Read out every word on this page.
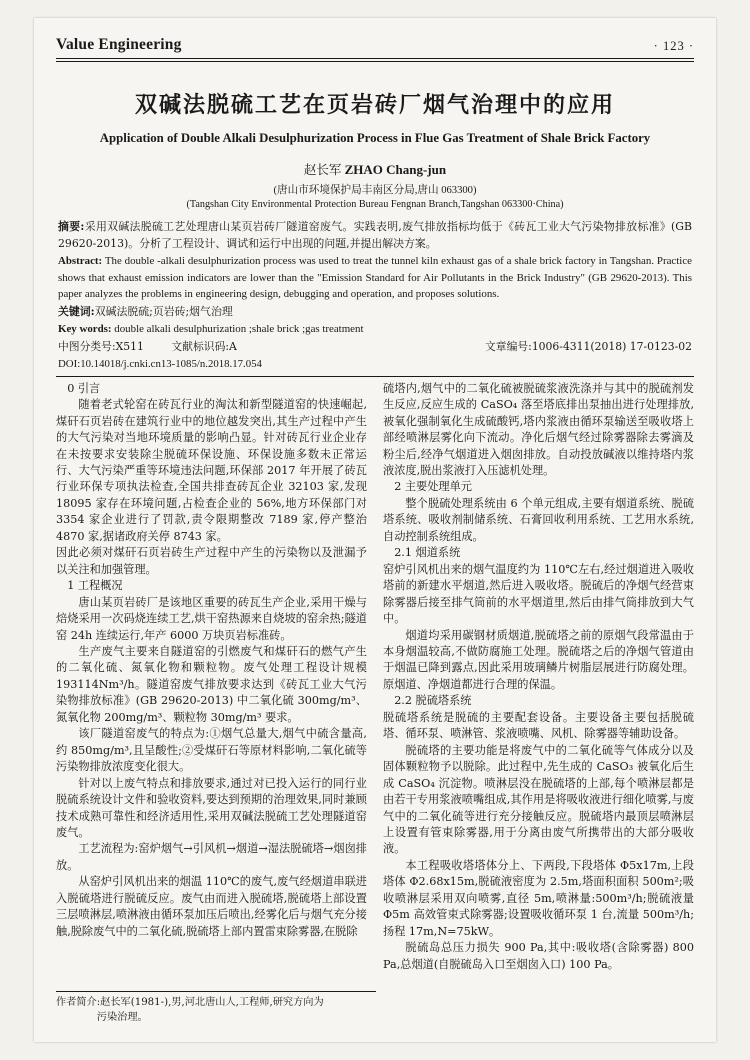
Value Engineering	· 123 ·
双碱法脱硫工艺在页岩砖厂烟气治理中的应用
Application of Double Alkali Desulphurization Process in Flue Gas Treatment of Shale Brick Factory
赵长军 ZHAO Chang-jun
(唐山市环境保护局丰南区分局,唐山 063300)
(Tangshan City Environmental Protection Bureau Fengnan Branch,Tangshan 063300·China)

摘要:采用双碱法脱硫工艺处理唐山某页岩砖厂隧道窑废气。实践表明,废气排放指标均低于《砖瓦工业大气污染物排放标准》(GB 29620-2013)。分析了工程设计、调试和运行中出现的问题,并提出解决方案。

Abstract: The double -alkali desulphurization process was used to treat the tunnel kiln exhaust gas of a shale brick factory in Tangshan. Practice shows that exhaust emission indicators are lower than the "Emission Standard for Air Pollutants in the Brick Industry" (GB 29620-2013). This paper analyzes the problems in engineering design, debugging and operation, and proposes solutions.

关键词:双碱法脱硫;页岩砖;烟气治理

Key words: double alkali desulphurization ;shale brick ;gas treatment

中图分类号:X511	文献标识码:A	文章编号:1006-4311(2018) 17-0123-02
DOI:10.14018/j.cnki.cn13-1085/n.2018.17.054

0 引言

随着老式轮窑在砖瓦行业的淘汰和新型隧道窑的快速崛起,煤矸石页岩砖在建筑行业中的地位越发突出,其生产过程中产生的大气污染对当地环境质量的影响凸显。针对砖瓦行业企业存在未按要求安装除尘脱硫环保设施、环保设施多数未正常运行、大气污染严重等环境违法问题,环保部 2017 年开展了砖瓦行业环保专项执法检查,全国共排查砖瓦企业 32103 家,发现 18095 家存在环境问题,占检查企业的 56%,地方环保部门对 3354 家企业进行了罚款,责令限期整改 7189 家,停产整治 4870 家,据诸政府关停 8743 家。

因此必须对煤矸石页岩砖生产过程中产生的污染物以及泄漏予以关注和加强管理。

1 工程概况

唐山某页岩砖厂是该地区重要的砖瓦生产企业,采用干燥与焙烧采用一次码烧连续工艺,烘干窑热源来自烧坡的窑余热;隧道窑 24h 连续运行,年产 6000 万块页岩标准砖。

生产废气主要来自隧道窑的引燃废气和煤矸石的燃气产生的二氧化硫、氮氧化物和颗粒物。废气处理工程设计规模 193114Nm³/h。隧道窑废气排放要求达到《砖瓦工业大气污染物排放标准》(GB 29620-2013) 中二氧化硫 300mg/m³、氮氧化物 200mg/m³、颗粒物 30mg/m³ 要求。

该厂隧道窑废气的特点为:①烟气总量大,烟气中硫含量高,约 850mg/m³,且呈酸性;②受煤矸石等原材料影响,二氧化硫等污染物排放浓度变化很大。

针对以上废气特点和排放要求,通过对已投入运行的同行业脱硫系统设计文件和验收资料,要达到预期的治理效果,同时兼顾技术成熟可靠性和经济适用性,采用双碱法脱硫工艺处理隧道窑废气。

工艺流程为:窑炉烟气→引风机→烟道→湿法脱硫塔→烟囱排放。

从窑炉引风机出来的烟温 110℃的废气,废气经烟道串联进入脱硫塔进行脱硫反应。废气由而进入脱硫塔,脱硫塔上部设置三层喷淋层,喷淋液由循环泵加压后喷出,经雾化后与烟气充分接触,脱除废气中的二氧化硫,脱硫塔上部内置雷束除雾器,在脱除

硫塔内,烟气中的二氧化硫被脱硫浆液洗涤并与其中的脱硫剂发生反应,反应生成的 CaSO₄ 落至塔底排出泵抽出进行处理排放,被氧化强制氧化生成硫酸钙,塔内浆液由循环泵输送至吸收塔上部经喷淋层雾化向下流动。净化后烟气经过除雾器除去雾滴及粉尘后,经净气烟道进入烟囱排放。自动投放碱液以维持塔内浆液浓度,脱出浆液打入压滤机处理。

2 主要处理单元

整个脱硫处理系统由 6 个单元组成,主要有烟道系统、脱硫塔系统、吸收剂制储系统、石膏回收利用系统、工艺用水系统,自动控制系统组成。

2.1 烟道系统

窑炉引风机出来的烟气温度约为 110℃左右,经过烟道进入吸收塔前的新建水平烟道,然后进入吸收塔。脱硫后的净烟气经营束除雾器后接至排气筒前的水平烟道里,然后由排气筒排放到大气中。

烟道均采用碳钢材质烟道,脱硫塔之前的原烟气段常温由于本身烟温较高,不做防腐施工处理。脱硫塔之后的净烟气管道由于烟温已降到露点,因此采用玻璃鳞片树脂层展进行防腐处理。原烟道、净烟道都进行合理的保温。

2.2 脱硫塔系统

脱硫塔系统是脱硫的主要配套设备。主要设备主要包括脱硫塔、循环泵、喷淋管、浆液喷嘴、风机、除雾器等辅助设备。

脱硫塔的主要功能是将废气中的二氧化硫等气体成分以及固体颗粒物予以脱除。此过程中,先生成的 CaSO₃ 被氧化后生成 CaSO₄ 沉淀物。喷淋层没在脱硫塔的上部,每个喷淋层都是由若干专用浆液喷嘴组成,其作用是将吸收液进行细化喷雾,与废气中的二氧化硫等进行充分接触反应。脱硫塔内最顶层喷淋层上设置有管束除雾器,用于分离由废气所携带出的大部分吸收液。

本工程吸收塔塔体分上、下两段,下段塔体 Φ5x17m,上段塔体 Φ2.68x15m,脱硫液密度为 2.5m,塔面积面积 500m²;吸收喷淋层采用双向喷雾,直径 5m,喷淋量:500m³/h;脱硫液量 Φ5m 高效管束式除雾器;设置吸收循环泵 1 台,流量 500m³/h;扬程 17m,N=75kW。

脱硫岛总压力损失 900 Pa,其中:吸收塔(含除雾器) 800 Pa,总烟道(自脱硫岛入口至烟囱入口) 100 Pa。

作者简介:赵长军(1981-),男,河北唐山人,工程师,研究方向为
污染治理。
